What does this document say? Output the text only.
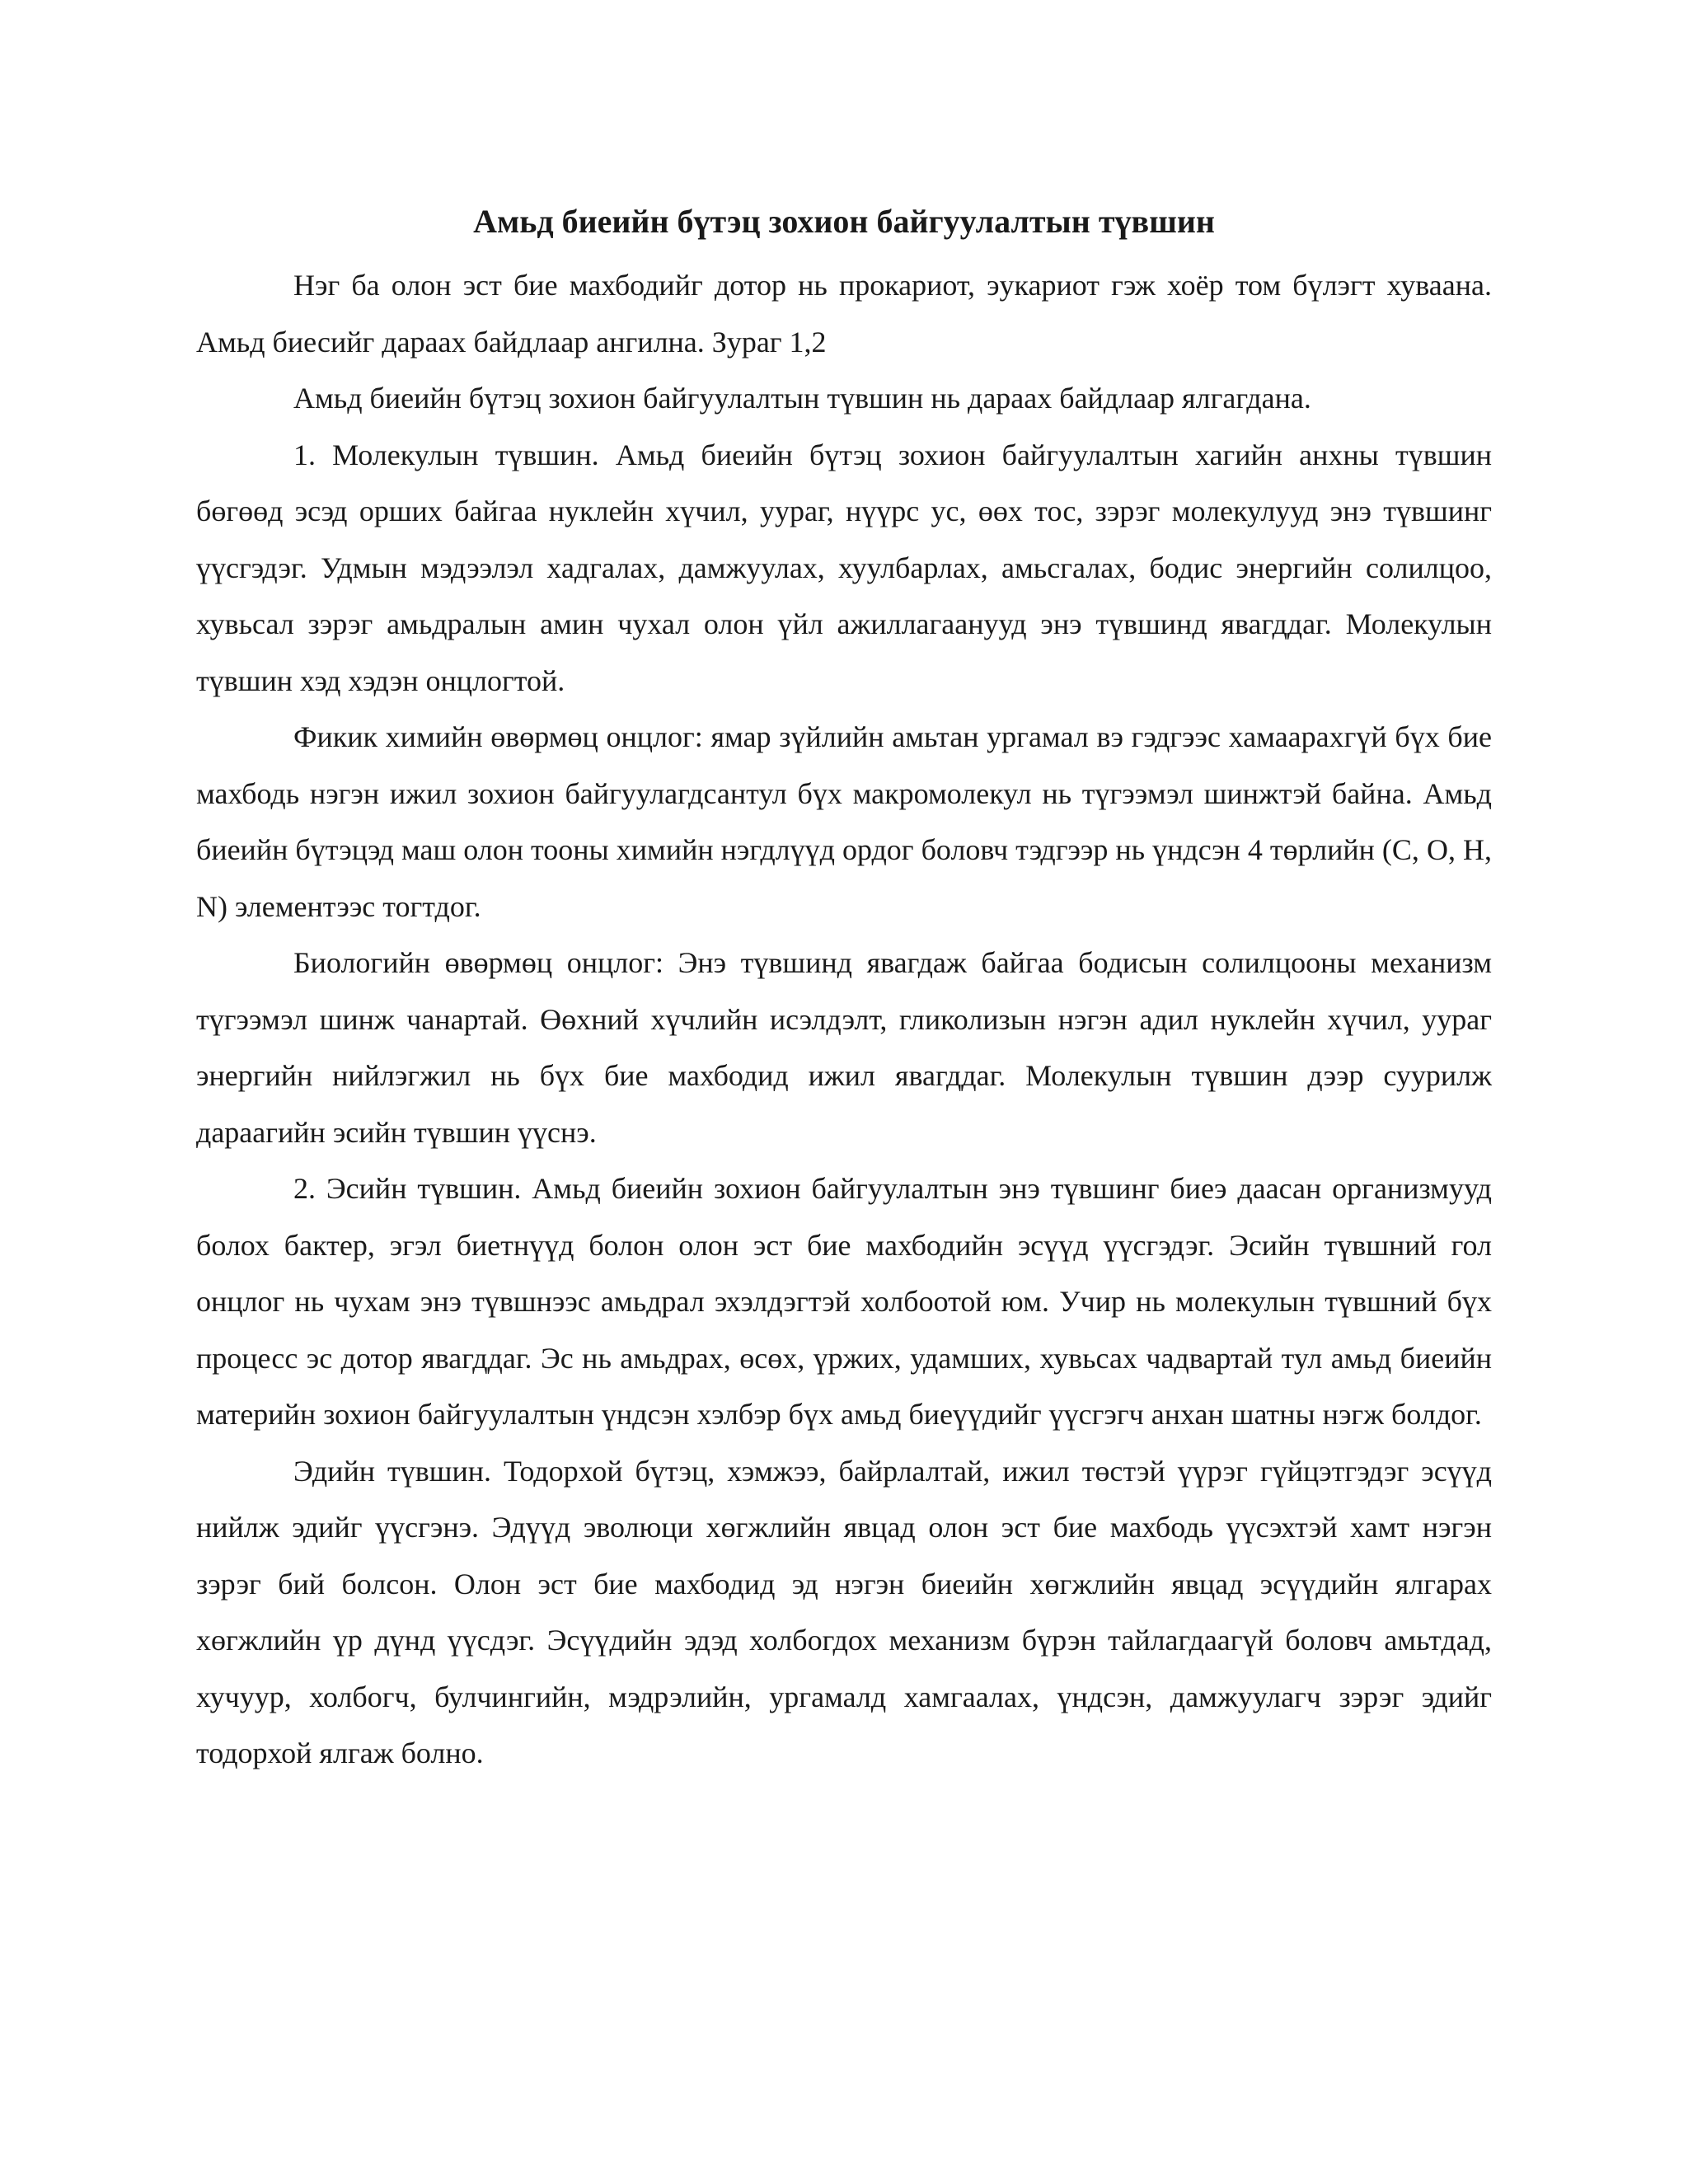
Амьд биеийн бүтэц зохион байгуулалтын түвшин

Нэг ба олон эст бие махбодийг дотор нь прокариот, эукариот гэж хоёр том бүлэгт хуваана. Амьд биесийг дараах байдлаар ангилна. Зураг 1,2

Амьд биеийн бүтэц зохион байгуулалтын түвшин нь дараах байдлаар ялгагдана.

1. Молекулын түвшин. Амьд биеийн бүтэц зохион байгуулалтын хагийн анхны түвшин бөгөөд эсэд орших байгаа нуклейн хүчил, уураг, нүүрс ус, өөх тос, зэрэг молекулууд энэ түвшинг үүсгэдэг. Удмын мэдээлэл хадгалах, дамжуулах, хуулбарлах, амьсгалах, бодис энергийн солилцоо, хувьсал зэрэг амьдралын амин чухал олон үйл ажиллагаанууд энэ түвшинд явагддаг. Молекулын түвшин хэд хэдэн онцлогтой.

Фикик химийн өвөрмөц онцлог: ямар зүйлийн амьтан ургамал вэ гэдгээс хамаарахгүй бүх бие махбодь нэгэн ижил зохион байгуулагдсантул бүх макромолекул нь түгээмэл шинжтэй байна. Амьд биеийн бүтэцэд маш олон тооны химийн нэгдлүүд ордог боловч тэдгээр нь үндсэн 4 төрлийн (C, O, H, N) элементээс тогтдог.

Биологийн өвөрмөц онцлог: Энэ түвшинд явагдаж байгаа бодисын солилцооны механизм түгээмэл шинж чанартай. Өөхний хүчлийн исэлдэлт, гликолизын нэгэн адил нуклейн хүчил, уураг энергийн нийлэгжил нь бүх бие махбодид ижил явагддаг. Молекулын түвшин дээр суурилж дараагийн эсийн түвшин үүснэ.

2. Эсийн түвшин. Амьд биеийн зохион байгуулалтын энэ түвшинг биеэ даасан организмууд болох бактер, эгэл биетнүүд болон олон эст бие махбодийн эсүүд үүсгэдэг. Эсийн түвшний гол онцлог нь чухам энэ түвшнээс амьдрал эхэлдэгтэй холбоотой юм. Учир нь молекулын түвшний бүх процесс эс дотор явагддаг. Эс нь амьдрах, өсөх, үржих, удамших, хувьсах чадвартай тул амьд биеийн материйн зохион байгуулалтын үндсэн хэлбэр бүх амьд биеүүдийг үүсгэгч анхан шатны нэгж болдог.

Эдийн түвшин. Тодорхой бүтэц, хэмжээ, байрлалтай, ижил төстэй үүрэг гүйцэтгэдэг эсүүд нийлж эдийг үүсгэнэ. Эдүүд эволюци хөгжлийн явцад олон эст бие махбодь үүсэхтэй хамт нэгэн зэрэг бий болсон. Олон эст бие махбодид эд нэгэн биеийн хөгжлийн явцад эсүүдийн ялгарах хөгжлийн үр дүнд үүсдэг. Эсүүдийн эдэд холбогдох механизм бүрэн тайлагдаагүй боловч амьтдад, хучуур, холбогч, булчингийн, мэдрэлийн, ургамалд хамгаалах, үндсэн, дамжуулагч зэрэг эдийг тодорхой ялгаж болно.
